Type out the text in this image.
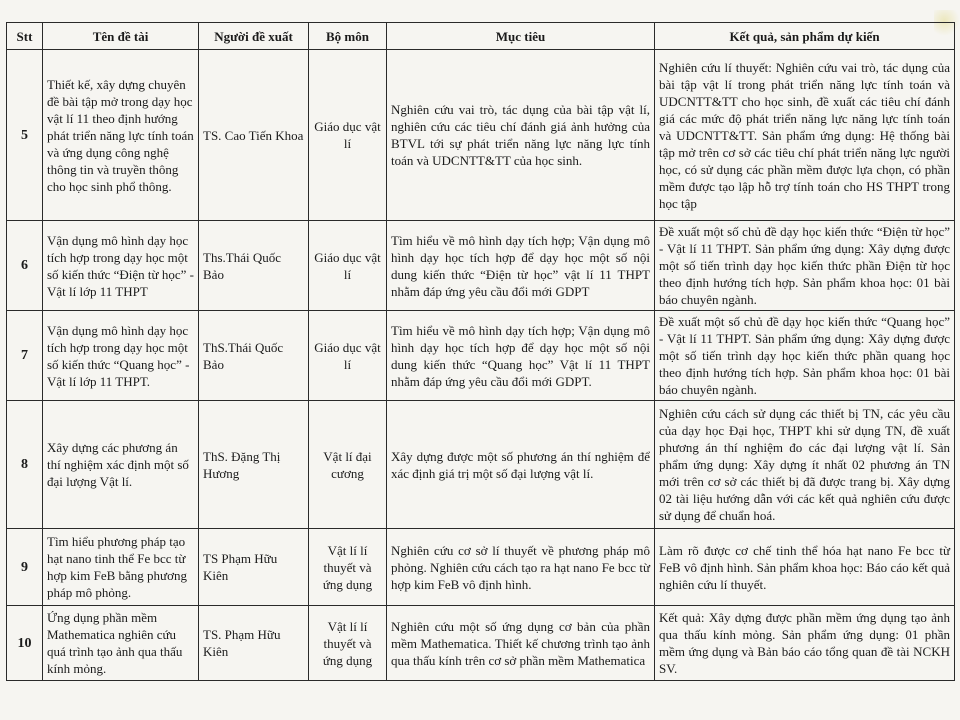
Stt	Tên đề tài	Người đề xuất	Bộ môn	Mục tiêu	Kết quả, sản phẩm dự kiến
5	Thiết kế, xây dựng chuyên đề bài tập mở trong dạy học vật lí 11 theo định hướng phát triển năng lực tính toán và ứng dụng công nghệ thông tin và truyền thông cho học sinh phổ thông.	TS. Cao Tiến Khoa	Giáo dục vật lí	Nghiên cứu vai trò, tác dụng của bài tập vật lí, nghiên cứu các tiêu chí đánh giá ảnh hưởng của BTVL tới sự phát triển năng lực năng lực tính toán và UDCNTT&TT của học sinh.	Nghiên cứu lí thuyết: Nghiên cứu vai trò, tác dụng của bài tập vật lí trong phát triển năng lực tính toán và UDCNTT&TT cho học sinh, đề xuất các tiêu chí đánh giá các mức độ phát triển năng lực năng lực tính toán và UDCNTT&TT. Sản phẩm ứng dụng: Hệ thống bài tập mở trên cơ sở các tiêu chí phát triển năng lực người học, có sử dụng các phần mềm được lựa chọn, có phần mềm được tạo lập hỗ trợ tính toán cho HS THPT trong học tập
6	Vận dụng mô hình dạy học tích hợp trong dạy học một số kiến thức “Điện từ học” - Vật lí lớp 11 THPT	Ths.Thái Quốc Bảo	Giáo dục vật lí	Tìm hiểu về mô hình dạy tích hợp; Vận dụng mô hình dạy học tích hợp để dạy học một số nội dung kiến thức “Điện từ học” vật lí 11 THPT nhằm đáp ứng yêu cầu đổi mới GDPT	Đề xuất một số chủ đề dạy học kiến thức “Điện từ học” - Vật lí 11 THPT. Sản phẩm ứng dụng: Xây dựng được một số tiến trình dạy học kiến thức phần Điện từ học theo định hướng tích hợp. Sản phẩm khoa học: 01 bài báo chuyên ngành.
7	Vận dụng mô hình dạy học tích hợp trong dạy học một số kiến thức “Quang học” - Vật lí lớp 11 THPT.	ThS.Thái Quốc Bảo	Giáo dục vật lí	Tìm hiểu về mô hình dạy tích hợp; Vận dụng mô hình dạy học tích hợp để dạy học một số nội dung kiến thức “Quang học” Vật lí 11 THPT nhằm đáp ứng yêu cầu đổi mới GDPT.	Đề xuất một số chủ đề dạy học kiến thức “Quang học” - Vật lí 11 THPT. Sản phẩm ứng dụng: Xây dựng được một số tiến trình dạy học kiến thức phần quang học theo định hướng tích hợp. Sản phẩm khoa học: 01 bài báo chuyên ngành.
8	Xây dựng các phương án thí nghiệm xác định một số đại lượng Vật lí.	ThS. Đặng Thị Hương	Vật lí đại cương	Xây dựng được một số phương án thí nghiệm để xác định giá trị một số đại lượng vật lí.	Nghiên cứu cách sử dụng các thiết bị TN, các yêu cầu của dạy học Đại học, THPT khi sử dụng TN, đề xuất phương án thí nghiệm đo các đại lượng vật lí. Sản phẩm ứng dụng: Xây dựng ít nhất 02 phương án TN mới trên cơ sở các thiết bị đã được trang bị. Xây dựng 02 tài liệu hướng dẫn với các kết quả nghiên cứu được sử dụng để chuẩn hoá.
9	Tìm hiểu phương pháp tạo hạt nano tinh thể Fe bcc từ hợp kim FeB bằng phương pháp mô phỏng.	TS Phạm Hữu Kiên	Vật lí lí thuyết và ứng dụng	Nghiên cứu cơ sở lí thuyết về phương pháp mô phỏng. Nghiên cứu cách tạo ra hạt nano Fe bcc từ hợp kim FeB vô định hình.	Làm rõ được cơ chế tinh thể hóa hạt nano Fe bcc từ FeB vô định hình. Sản phẩm khoa học: Báo cáo kết quả nghiên cứu lí thuyết.
10	Ứng dụng phần mềm Mathematica nghiên cứu quá trình tạo ảnh qua thấu kính mỏng.	TS. Phạm Hữu Kiên	Vật lí lí thuyết và ứng dụng	Nghiên cứu một số ứng dụng cơ bản của phần mềm Mathematica. Thiết kế chương trình tạo ảnh qua thấu kính trên cơ sở phần mềm Mathematica	Kết quả: Xây dựng được phần mềm ứng dụng tạo ảnh qua thấu kính mỏng. Sản phẩm ứng dụng: 01 phần mềm ứng dụng và Bản báo cáo tổng quan đề tài NCKH SV.
